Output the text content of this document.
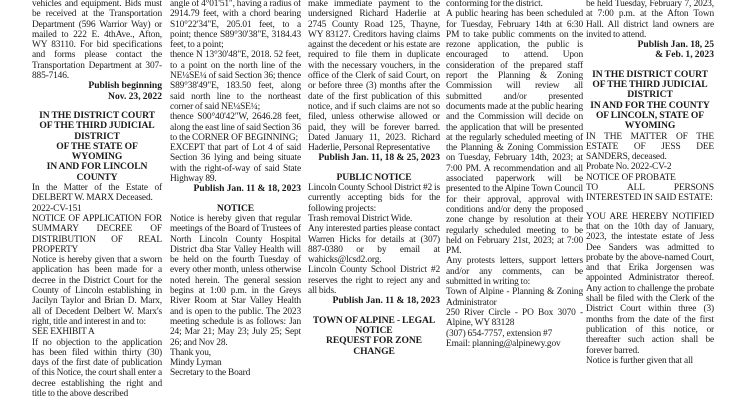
vehicles and equipment. Bids must be received at the Transportation Department (596 Warrior Way) or mailed to 222 E. 4thAve., Afton, WY 83110. For bid specifications and forms please contact the Transportation Department at 307-885-7146.
Publish beginning
Nov. 23, 2022
IN THE DISTRICT COURT
OF THE THIRD JUDICIAL
DISTRICT
OF THE STATE OF WYOMING
IN AND FOR LINCOLN
COUNTY
In the Matter of the Estate of DELBERT W. MARX Deceased.
2022-CV-151
NOTICE OF APPLICATION FOR SUMMARY DECREE OF DISTRIBUTION OF REAL PROPERTY
Notice is hereby given that a sworn application has been made for a decree in the District Court for the County of Lincoln establishing in Jacilyn Taylor and Brian D. Marx, all of Decedent Delbert W. Marx's right, title and interest in and to:
SEE EXHIBIT A
If no objection to the application has been filed within thirty (30) days of the first date of publication of this Notice, the court shall enter a decree establishing the right and title to the above described
angle of 4°01'51", having a radius of 2914.79 feet, with a chord bearing S10°22'34"E, 205.01 feet, to a point; thence S89°30'38"E, 3184.43 feet, to a point;
thence N 13°30'48"E, 2018. 52 feet, to a point on the north line of the NE¼SE¼ of said Section 36; thence S89°38'49"E, 183.50 feet, along said north line to the northeast corner of said NE¼SE¼;
thence S00°40'42"W, 2646.28 feet, along the east line of said Section 36 to the CORNER OF BEGINNING;
EXCEPT that part of Lot 4 of said Section 36 lying and being situate with the right-of-way of said State Highway 89.
Publish Jan. 11 & 18, 2023
NOTICE
Notice is hereby given that regular meetings of the Board of Trustees of North Lincoln County Hospital District dba Star Valley Health will be held on the fourth Tuesday of every other month, unless otherwise noted herein. The general session begins at 1:00 p.m. in the Greys River Room at Star Valley Health and is open to the public. The 2023 meeting schedule is as follows: Jan 24; Mar 21; May 23; July 25; Sept 26; and Nov 28.
Thank you,
Mindy Lyman
Secretary to the Board
make immediate payment to the undersigned Richard Haderlie at 2745 County Road 125, Thayne, WY 83127. Creditors having claims against the decedent or his estate are required to file them in duplicate with the necessary vouchers, in the office of the Clerk of said Court, on or before three (3) months after the date of the first publication of this notice, and if such claims are not so filed, unless otherwise allowed or paid, they will be forever barred. Dated January 11, 2023. Richard Haderlie, Personal Representative
Publish Jan. 11, 18 & 25, 2023
PUBLIC NOTICE
Lincoln County School District #2 is currently accepting bids for the following projects:
Trash removal District Wide.
Any interested parties please contact Warren Hicks for details at (307) 887-0380 or by email at wahicks@lcsd2.org.
Lincoln County School District #2 reserves the right to reject any and all bids.
Publish Jan. 11 & 18, 2023
TOWN OF ALPINE - LEGAL
NOTICE
REQUEST FOR ZONE
CHANGE
conforming for the district.
A public hearing has been scheduled for Tuesday, February 14th at 6:30 PM to take public comments on the rezone application, the public is encouraged to attend. Upon consideration of the prepared staff report the Planning & Zoning Commission will review all submitted and/or presented documents made at the public hearing and the Commission will decide on the application that will be presented at the regularly scheduled meeting of the Planning & Zoning Commission on Tuesday, February 14th, 2023; at 7:00 PM. A recommendation and all associated paperwork will be presented to the Alpine Town Council for their approval, approval with conditions and/or deny the proposed zone change by resolution at their regularly scheduled meeting to be held on February 21st, 2023; at 7:00 PM.
Any protests letters, support letters and/or any comments, can be submitted in writing to:
Town of Alpine - Planning & Zoning Administrator
250 River Circle - PO Box 3070 - Alpine, WY 83128
(307) 654-7757, extension #7
Email: planning@alpinewy.gov
be held Tuesday, February 7, 2023, at 7:00 p.m. at the Afton Town Hall. All district land owners are invited to attend.
Publish Jan. 18, 25
& Feb. 1, 2023
IN THE DISTRICT COURT
OF THE THIRD JUDICIAL
DISTRICT
IN AND FOR THE COUNTY
OF LINCOLN, STATE OF
WYOMING
IN THE MATTER OF THE ESTATE OF JESS DEE SANDERS, deceased.
Probate No. 2022-CV-2
NOTICE OF PROBATE
TO ALL PERSONS INTERESTED IN SAID ESTATE:
YOU ARE HEREBY NOTIFIED that on the 10th day of January, 2023, the intestate estate of Jess Dee Sanders was admitted to probate by the above-named Court, and that Erika Jorgensen was appointed Administrator thereof. Any action to challenge the probate shall be filed with the Clerk of the District Court within three (3) months from the date of the first publication of this notice, or thereafter such action shall be forever barred.
Notice is further given that all
